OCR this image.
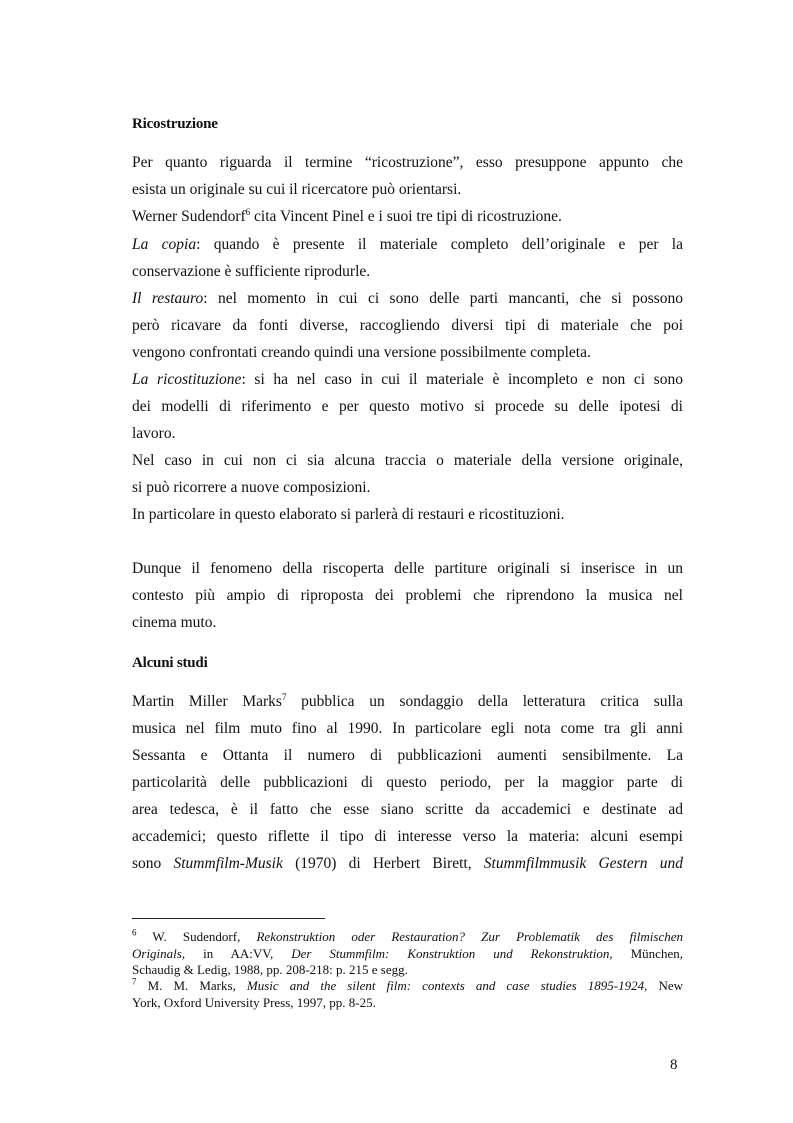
Ricostruzione
Per quanto riguarda il termine “ricostruzione”, esso presuppone appunto che
esista un originale su cui il ricercatore può orientarsi.
Werner Sudendorf$^6$ cita Vincent Pinel e i suoi tre tipi di ricostruzione.
La copia: quando è presente il materiale completo dell’originale e per la
conservazione è sufficiente riprodurle.
Il restauro: nel momento in cui ci sono delle parti mancanti, che si possono
però ricavare da fonti diverse, raccogliendo diversi tipi di materiale che poi
vengono confrontati creando quindi una versione possibilmente completa.
La ricostituzione: si ha nel caso in cui il materiale è incompleto e non ci sono
dei modelli di riferimento e per questo motivo si procede su delle ipotesi di
lavoro.
Nel caso in cui non ci sia alcuna traccia o materiale della versione originale,
si può ricorrere a nuove composizioni.
In particolare in questo elaborato si parlerà di restauri e ricostituzioni.
Dunque il fenomeno della riscoperta delle partiture originali si inserisce in un
contesto più ampio di riproposta dei problemi che riprendono la musica nel
cinema muto.
Alcuni studi
Martin Miller Marks$^7$ pubblica un sondaggio della letteratura critica sulla
musica nel film muto fino al 1990. In particolare egli nota come tra gli anni
Sessanta e Ottanta il numero di pubblicazioni aumenti sensibilmente. La
particolarità delle pubblicazioni di questo periodo, per la maggior parte di
area tedesca, è il fatto che esse siano scritte da accademici e destinate ad
accademici; questo riflette il tipo di interesse verso la materia: alcuni esempi
sono Stummfilm-Musik (1970) di Herbert Birett, Stummfilmmusik Gestern und
$^6$ W. Sudendorf, Rekonstruktion oder Restauration? Zur Problematik des filmischen
Originals, in AA:VV, Der Stummfilm: Konstruktion und Rekonstruktion, München,
Schaudig & Ledig, 1988, pp. 208-218: p. 215 e segg.
$^7$ M. M. Marks, Music and the silent film: contexts and case studies 1895-1924, New
York, Oxford University Press, 1997, pp. 8-25.
8
